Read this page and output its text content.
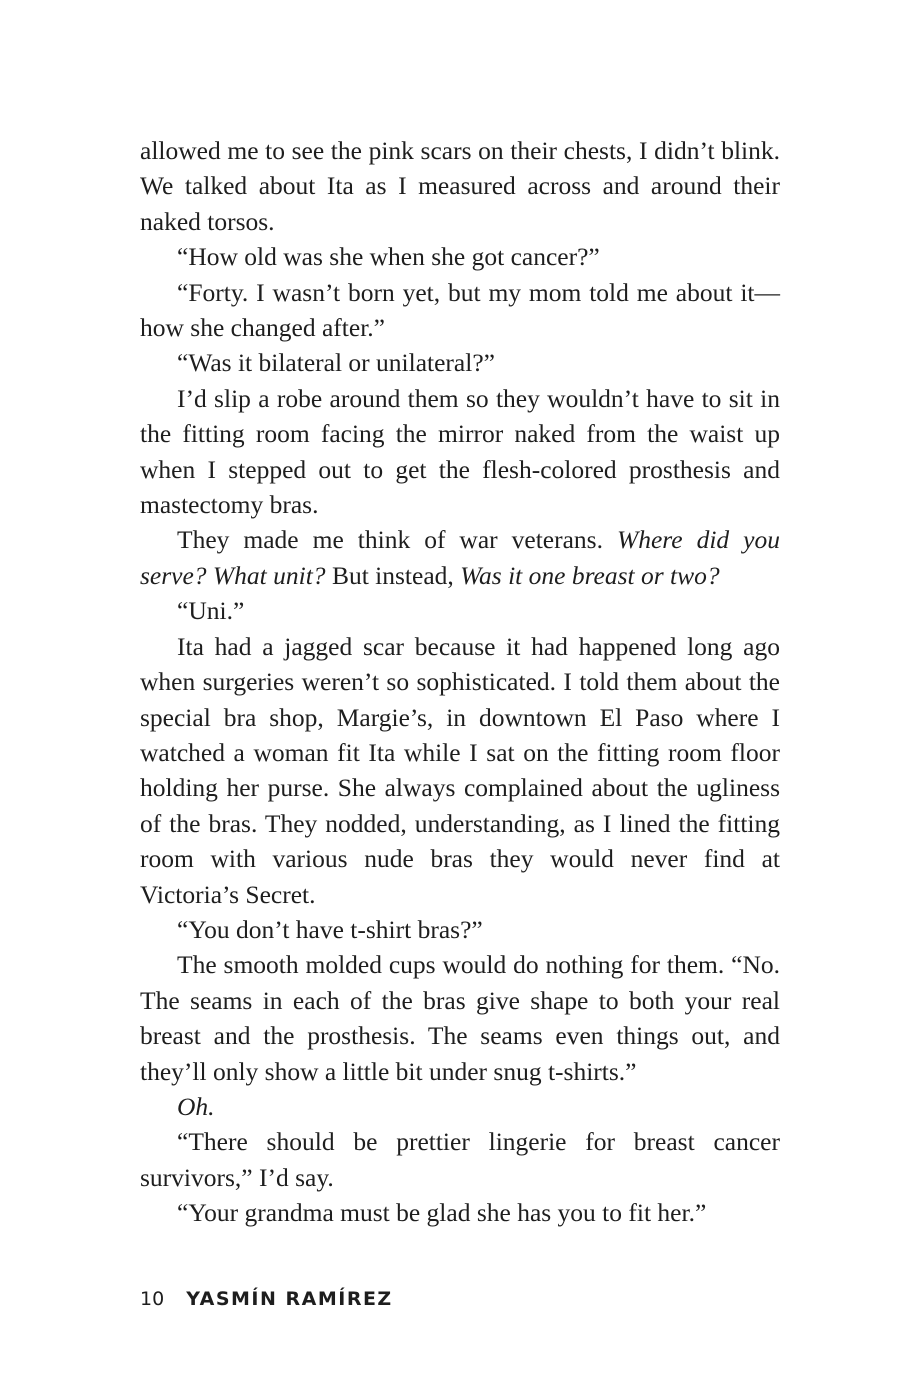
allowed me to see the pink scars on their chests, I didn’t blink. We talked about Ita as I measured across and around their naked torsos.

“How old was she when she got cancer?”

“Forty. I wasn’t born yet, but my mom told me about it—how she changed after.”

“Was it bilateral or unilateral?”

I’d slip a robe around them so they wouldn’t have to sit in the fitting room facing the mirror naked from the waist up when I stepped out to get the flesh-colored prosthesis and mastectomy bras.

They made me think of war veterans. Where did you serve? What unit? But instead, Was it one breast or two?

“Uni.”

Ita had a jagged scar because it had happened long ago when surgeries weren’t so sophisticated. I told them about the special bra shop, Margie’s, in downtown El Paso where I watched a woman fit Ita while I sat on the fitting room floor holding her purse. She always complained about the ugliness of the bras. They nodded, understanding, as I lined the fitting room with various nude bras they would never find at Victoria’s Secret.

“You don’t have t-shirt bras?”

The smooth molded cups would do nothing for them. “No. The seams in each of the bras give shape to both your real breast and the prosthesis. The seams even things out, and they’ll only show a little bit under snug t-shirts.”

Oh.

“There should be prettier lingerie for breast cancer survivors,” I’d say.

“Your grandma must be glad she has you to fit her.”

10 YASMÍN RAMÍREZ
